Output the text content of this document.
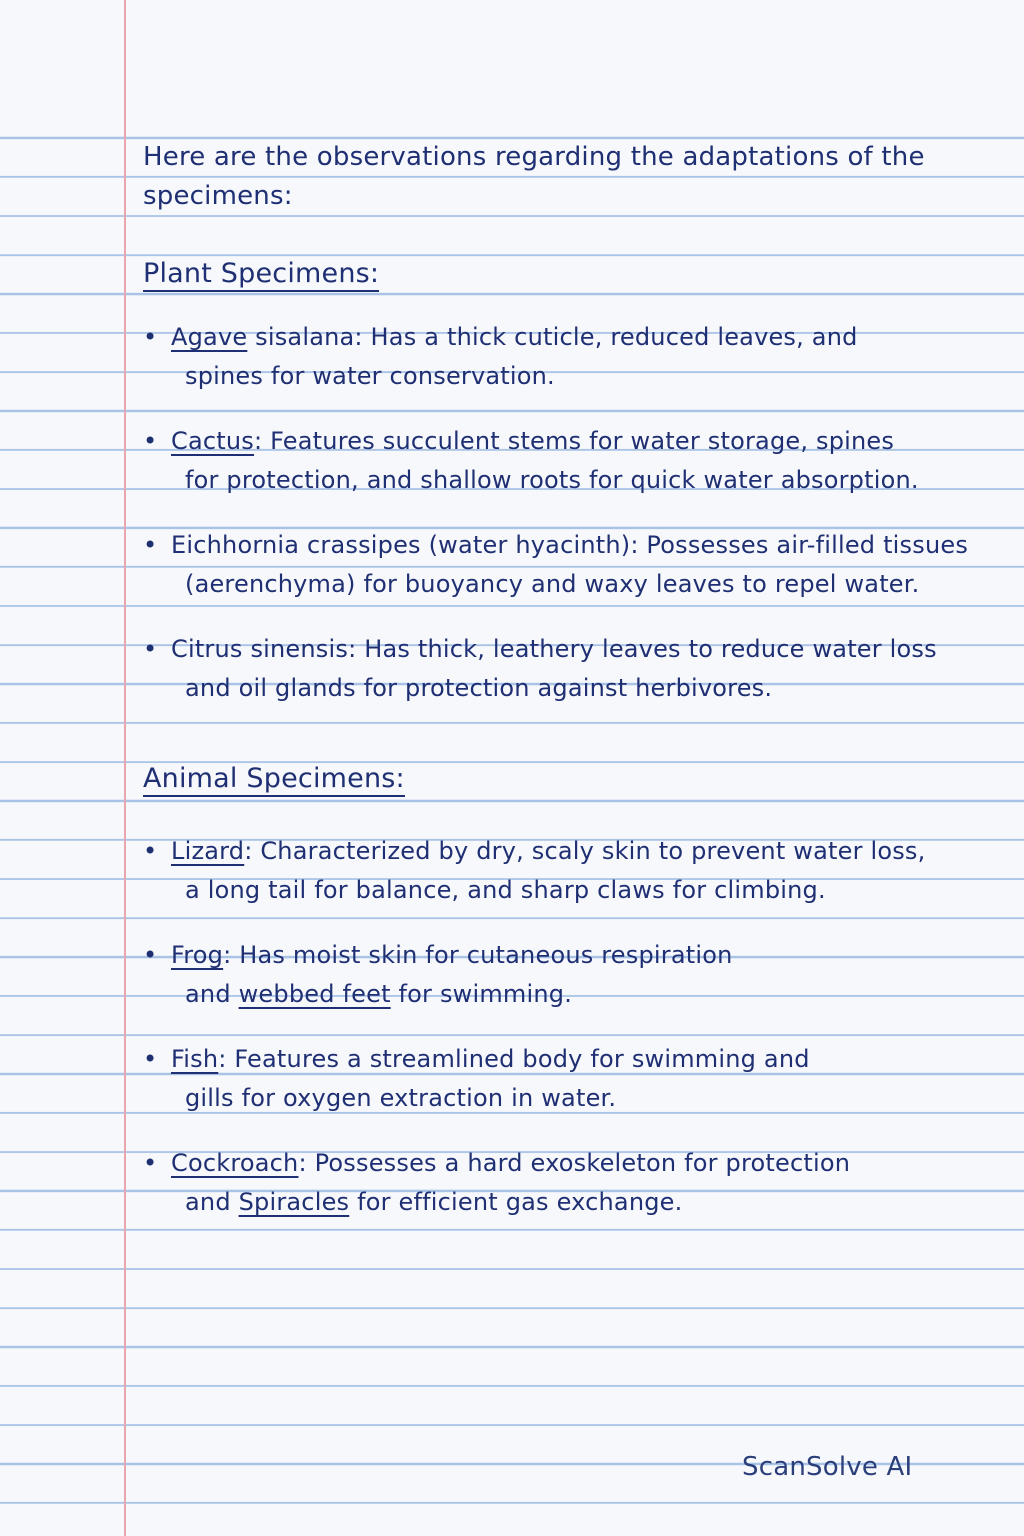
Here are the observations regarding the adaptations of the specimens:
Plant Specimens:
• Agave sisalana: Has a thick cuticle, reduced leaves, and
spines for water conservation.
• Cactus: Features succulent stems for water storage, spines
for protection, and shallow roots for quick water absorption.
• Eichhornia crassipes (water hyacinth): Possesses air-filled tissues
(aerenchyma) for buoyancy and waxy leaves to repel water.
• Citrus sinensis: Has thick, leathery leaves to reduce water loss
and oil glands for protection against herbivores.
Animal Specimens:
• Lizard: Characterized by dry, scaly skin to prevent water loss,
a long tail for balance, and sharp claws for climbing.
• Frog: Has moist skin for cutaneous respiration
and webbed feet for swimming.
• Fish: Features a streamlined body for swimming and
gills for oxygen extraction in water.
• Cockroach: Possesses a hard exoskeleton for protection
and Spiracles for efficient gas exchange.
ScanSolve AI
